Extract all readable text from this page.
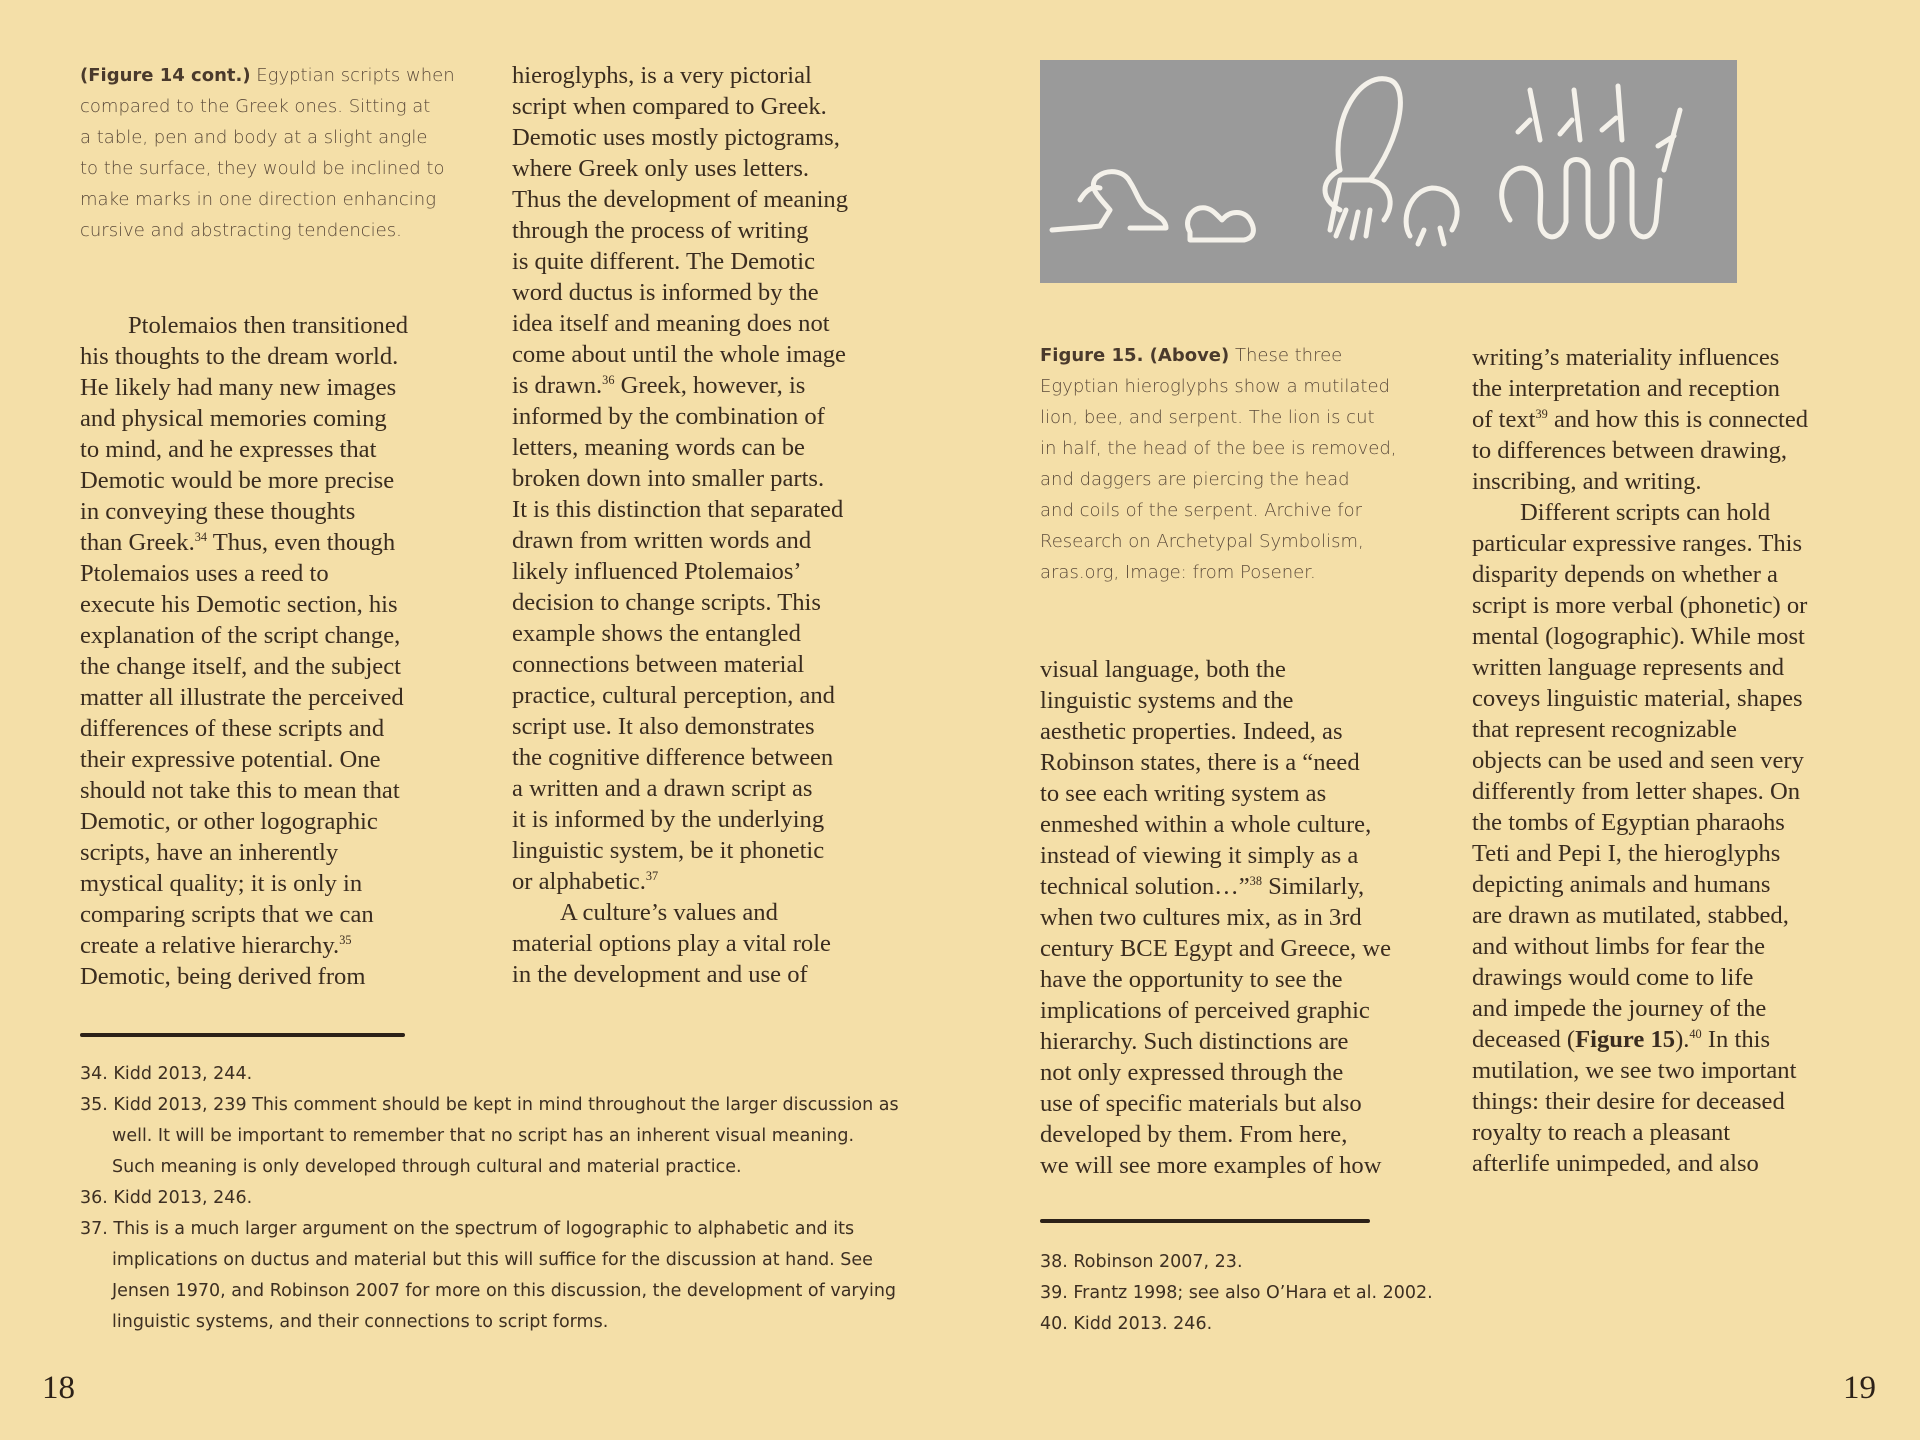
(Figure 14 cont.) Egyptian scripts when
compared to the Greek ones. Sitting at
a table, pen and body at a slight angle
to the surface, they would be inclined to
make marks in one direction enhancing
cursive and abstracting tendencies.
Ptolemaios then transitioned
his thoughts to the dream world.
He likely had many new images
and physical memories coming
to mind, and he expresses that
Demotic would be more precise
in conveying these thoughts
than Greek.$^{34}$ Thus, even though
Ptolemaios uses a reed to
execute his Demotic section, his
explanation of the script change,
the change itself, and the subject
matter all illustrate the perceived
differences of these scripts and
their expressive potential. One
should not take this to mean that
Demotic, or other logographic
scripts, have an inherently
mystical quality; it is only in
comparing scripts that we can
create a relative hierarchy.$^{35}$
Demotic, being derived from
hieroglyphs, is a very pictorial
script when compared to Greek.
Demotic uses mostly pictograms,
where Greek only uses letters.
Thus the development of meaning
through the process of writing
is quite different. The Demotic
word ductus is informed by the
idea itself and meaning does not
come about until the whole image
is drawn.$^{36}$ Greek, however, is
informed by the combination of
letters, meaning words can be
broken down into smaller parts.
It is this distinction that separated
drawn from written words and
likely influenced Ptolemaios’
decision to change scripts. This
example shows the entangled
connections between material
practice, cultural perception, and
script use. It also demonstrates
the cognitive difference between
a written and a drawn script as
it is informed by the underlying
linguistic system, be it phonetic
or alphabetic.$^{37}$
A culture’s values and
material options play a vital role
in the development and use of

34. Kidd 2013, 244.

35. Kidd 2013, 239 This comment should be kept in mind throughout the larger discussion as well. It will be important to remember that no script has an inherent visual meaning. Such meaning is only developed through cultural and material practice.

36. Kidd 2013, 246.

37. This is a much larger argument on the spectrum of logographic to alphabetic and its implications on ductus and material but this will suffice for the discussion at hand. See Jensen 1970, and Robinson 2007 for more on this discussion, the development of varying linguistic systems, and their connections to script forms.

18
Figure 15. (Above) These three
Egyptian hieroglyphs show a mutilated
lion, bee, and serpent. The lion is cut
in half, the head of the bee is removed,
and daggers are piercing the head
and coils of the serpent. Archive for
Research on Archetypal Symbolism,
aras.org, Image: from Posener.
visual language, both the
linguistic systems and the
aesthetic properties. Indeed, as
Robinson states, there is a “need
to see each writing system as
enmeshed within a whole culture,
instead of viewing it simply as a
technical solution…”$^{38}$ Similarly,
when two cultures mix, as in 3rd
century BCE Egypt and Greece, we
have the opportunity to see the
implications of perceived graphic
hierarchy. Such distinctions are
not only expressed through the
use of specific materials but also
developed by them. From here,
we will see more examples of how
writing’s materiality influences
the interpretation and reception
of text$^{39}$ and how this is connected
to differences between drawing,
inscribing, and writing.
Different scripts can hold
particular expressive ranges. This
disparity depends on whether a
script is more verbal (phonetic) or
mental (logographic). While most
written language represents and
coveys linguistic material, shapes
that represent recognizable
objects can be used and seen very
differently from letter shapes. On
the tombs of Egyptian pharaohs
Teti and Pepi I, the hieroglyphs
depicting animals and humans
are drawn as mutilated, stabbed,
and without limbs for fear the
drawings would come to life
and impede the journey of the
deceased (Figure 15).$^{40}$ In this
mutilation, we see two important
things: their desire for deceased
royalty to reach a pleasant
afterlife unimpeded, and also

38. Robinson 2007, 23.

39. Frantz 1998; see also O’Hara et al. 2002.

40. Kidd 2013. 246.

19
